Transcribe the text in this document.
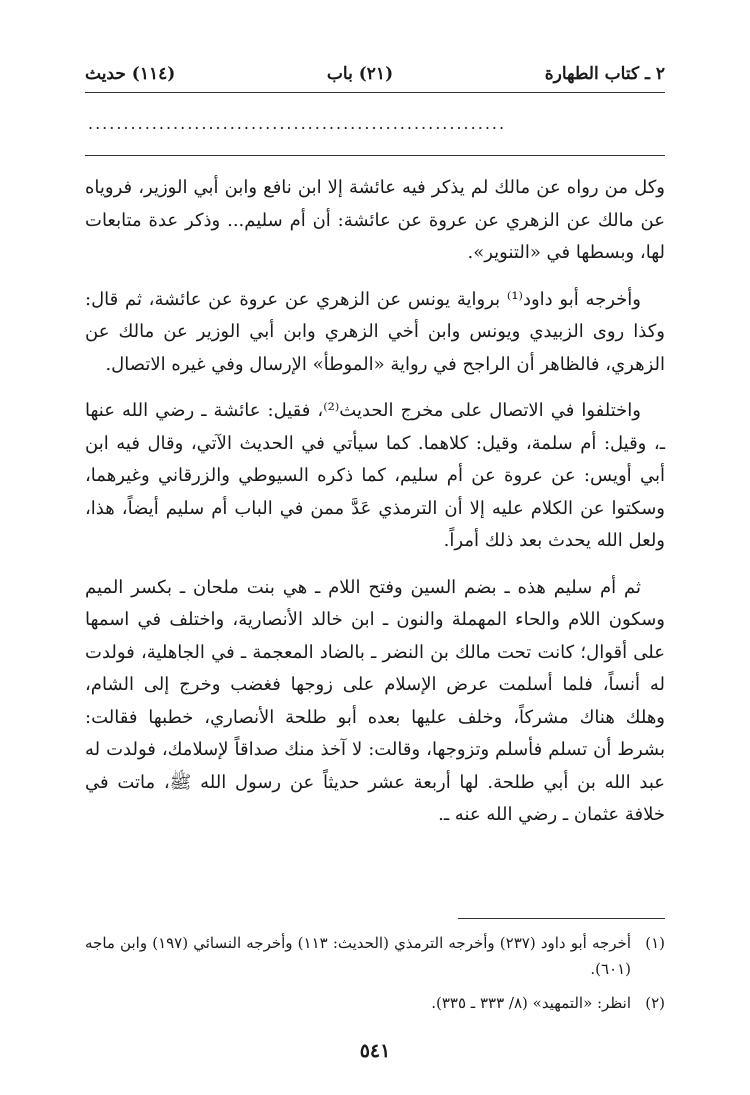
٢ ـ كتاب الطهارة
(٢١) باب
(١١٤) حديث
...........................................................

وكل من رواه عن مالك لم يذكر فيه عائشة إلا ابن نافع وابن أبي الوزير، فروياه عن مالك عن الزهري عن عروة عن عائشة: أن أم سليم... وذكر عدة متابعات لها، وبسطها في «التنوير».

وأخرجه أبو داود⁽¹⁾ برواية يونس عن الزهري عن عروة عن عائشة، ثم قال: وكذا روى الزبيدي ويونس وابن أخي الزهري وابن أبي الوزير عن مالك عن الزهري، فالظاهر أن الراجح في رواية «الموطأ» الإرسال وفي غيره الاتصال.

واختلفوا في الاتصال على مخرج الحديث⁽²⁾، فقيل: عائشة ـ رضي الله عنها ـ، وقيل: أم سلمة، وقيل: كلاهما. كما سيأتي في الحديث الآتي، وقال فيه ابن أبي أويس: عن عروة عن أم سليم، كما ذكره السيوطي والزرقاني وغيرهما، وسكتوا عن الكلام عليه إلا أن الترمذي عَدَّ ممن في الباب أم سليم أيضاً، هذا، ولعل الله يحدث بعد ذلك أمراً.

ثم أم سليم هذه ـ بضم السين وفتح اللام ـ هي بنت ملحان ـ بكسر الميم وسكون اللام والحاء المهملة والنون ـ ابن خالد الأنصارية، واختلف في اسمها على أقوال؛ كانت تحت مالك بن النضر ـ بالضاد المعجمة ـ في الجاهلية، فولدت له أنساً، فلما أسلمت عرض الإسلام على زوجها فغضب وخرج إلى الشام، وهلك هناك مشركاً، وخلف عليها بعده أبو طلحة الأنصاري، خطبها فقالت: بشرط أن تسلم فأسلم وتزوجها، وقالت: لا آخذ منك صداقاً لإسلامك، فولدت له عبد الله بن أبي طلحة. لها أربعة عشر حديثاً عن رسول الله ﷺ، ماتت في خلافة عثمان ـ رضي الله عنه ـ.

(١)
أخرجه أبو داود (٢٣٧) وأخرجه الترمذي (الحديث: ١١٣) وأخرجه النسائي (١٩٧) وابن ماجه (٦٠١).
(٢)
انظر: «التمهيد» (٨/ ٣٣٣ ـ ٣٣٥).
٥٤١
